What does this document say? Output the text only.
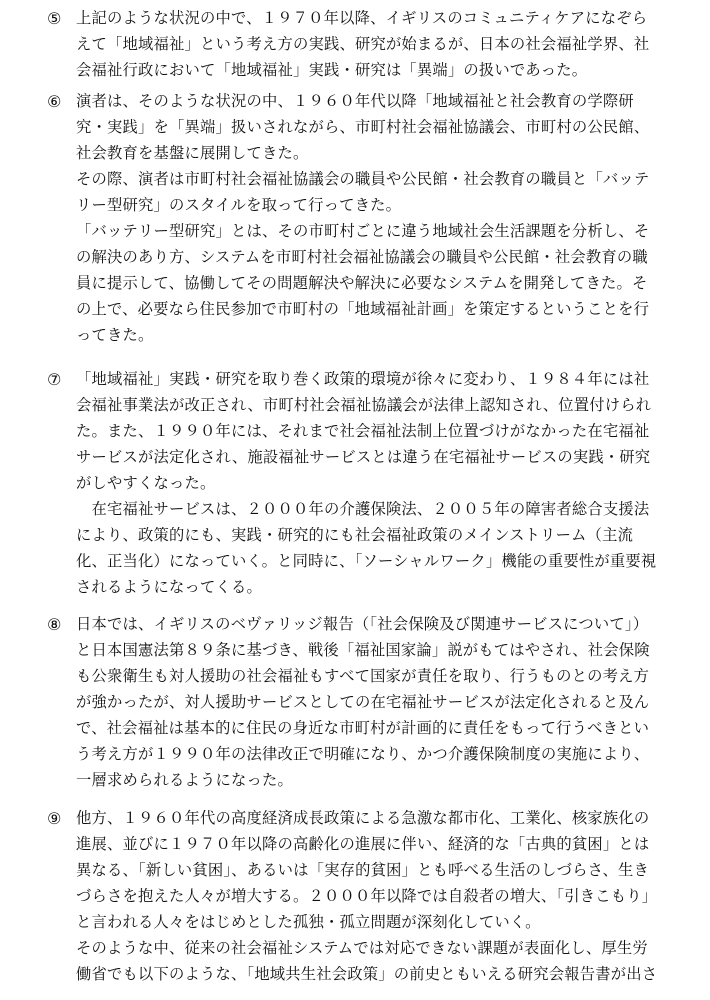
⑤ 上記のような状況の中で、１９７０年以降、イギリスのコミュニティケアになぞら
えて「地域福祉」という考え方の実践、研究が始まるが、日本の社会福祉学界、社
会福祉行政において「地域福祉」実践・研究は「異端」の扱いであった。
⑥ 演者は、そのような状況の中、１９６０年代以降「地域福祉と社会教育の学際研
究・実践」を「異端」扱いされながら、市町村社会福祉協議会、市町村の公民館、
社会教育を基盤に展開してきた。
その際、演者は市町村社会福祉協議会の職員や公民館・社会教育の職員と「バッテ
リー型研究」のスタイルを取って行ってきた。
「バッテリー型研究」とは、その市町村ごとに違う地域社会生活課題を分析し、そ
の解決のあり方、システムを市町村社会福祉協議会の職員や公民館・社会教育の職
員に提示して、協働してその問題解決や解決に必要なシステムを開発してきた。そ
の上で、必要なら住民参加で市町村の「地域福祉計画」を策定するということを行
ってきた。
⑦ 「地域福祉」実践・研究を取り巻く政策的環境が徐々に変わり、１９８４年には社
会福祉事業法が改正され、市町村社会福祉協議会が法律上認知され、位置付けられ
た。また、１９９０年には、それまで社会福祉法制上位置づけがなかった在宅福祉
サービスが法定化され、施設福祉サービスとは違う在宅福祉サービスの実践・研究
がしやすくなった。
　在宅福祉サービスは、２０００年の介護保険法、２００５年の障害者総合支援法
により、政策的にも、実践・研究的にも社会福祉政策のメインストリーム（主流
化、正当化）になっていく。と同時に、「ソーシャルワーク」機能の重要性が重要視
されるようになってくる。
⑧ 日本では、イギリスのベヴァリッジ報告（「社会保険及び関連サービスについて」）
と日本国憲法第８９条に基づき、戦後「福祉国家論」説がもてはやされ、社会保険
も公衆衛生も対人援助の社会福祉もすべて国家が責任を取り、行うものとの考え方
が強かったが、対人援助サービスとしての在宅福祉サービスが法定化されると及ん
で、社会福祉は基本的に住民の身近な市町村が計画的に責任をもって行うべきとい
う考え方が１９９０年の法律改正で明確になり、かつ介護保険制度の実施により、
一層求められるようになった。
⑨ 他方、１９６０年代の高度経済成長政策による急激な都市化、工業化、核家族化の
進展、並びに１９７０年以降の高齢化の進展に伴い、経済的な「古典的貧困」とは
異なる、「新しい貧困」、あるいは「実存的貧困」とも呼べる生活のしづらさ、生き
づらさを抱えた人々が増大する。２０００年以降では自殺者の増大、「引きこもり」
と言われる人々をはじめとした孤独・孤立問題が深刻化していく。
そのような中、従来の社会福祉システムでは対応できない課題が表面化し、厚生労
働省でも以下のような、「地域共生社会政策」の前史ともいえる研究会報告書が出さ
